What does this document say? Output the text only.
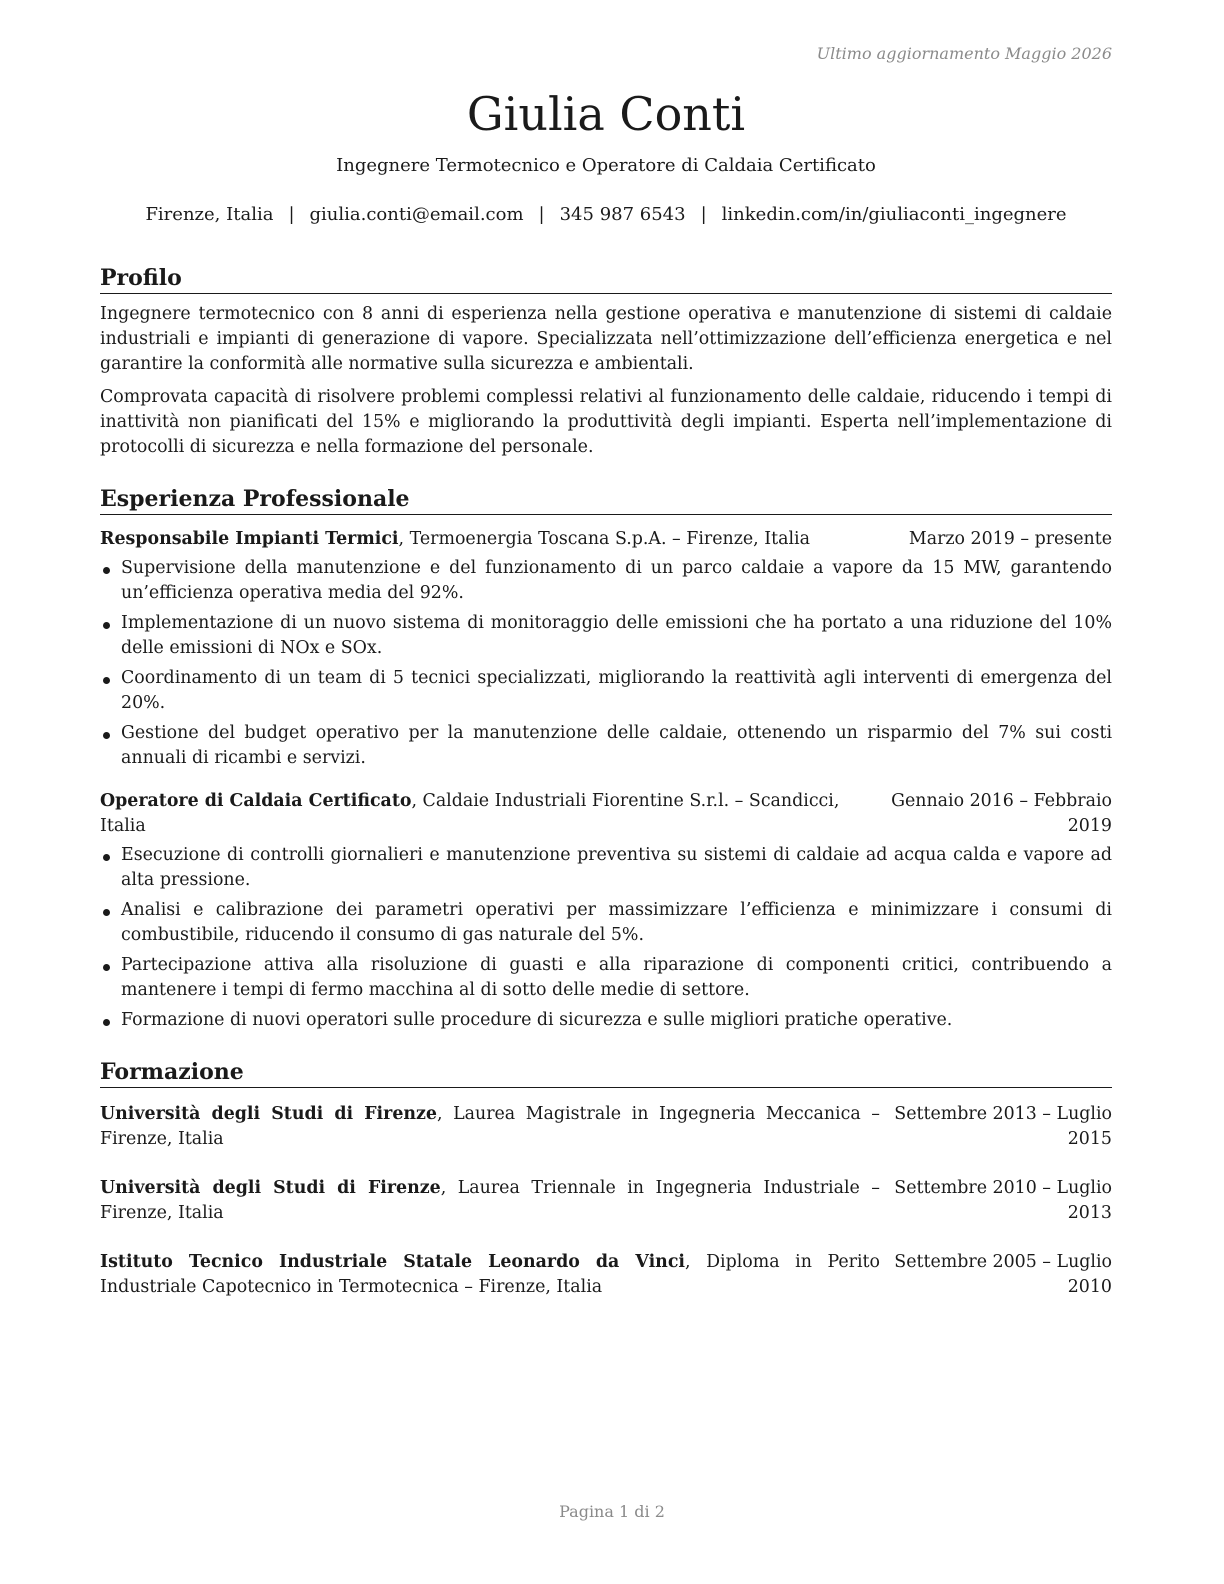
Ultimo aggiornamento Maggio 2026
Giulia Conti
Ingegnere Termotecnico e Operatore di Caldaia Certificato
Firenze, Italia | giulia.conti@email.com | 345 987 6543 | linkedin.com/in/giuliaconti_ingegnere
Profilo

Ingegnere termotecnico con 8 anni di esperienza nella gestione operativa e manutenzione di sistemi di caldaie industriali e impianti di generazione di vapore. Specializzata nell’ottimizzazione dell’efficienza energetica e nel garantire la conformità alle normative sulla sicurezza e ambientali.

Comprovata capacità di risolvere problemi complessi relativi al funzionamento delle caldaie, riducendo i tempi di inattività non pianificati del 15% e migliorando la produttività degli impianti. Esperta nell’implementazione di protocolli di sicurezza e nella formazione del personale.

Esperienza Professionale
Responsabile Impianti Termici, Termoenergia Toscana S.p.A. – Firenze, Italia	Marzo 2019 – presente
Supervisione della manutenzione e del funzionamento di un parco caldaie a vapore da 15 MW, garantendo un’efficienza operativa media del 92%.
Implementazione di un nuovo sistema di monitoraggio delle emissioni che ha portato a una riduzione del 10% delle emissioni di NOx e SOx.
Coordinamento di un team di 5 tecnici specializzati, migliorando la reattività agli interventi di emergenza del 20%.
Gestione del budget operativo per la manutenzione delle caldaie, ottenendo un risparmio del 7% sui costi annuali di ricambi e servizi.
Operatore di Caldaia Certificato, Caldaie Industriali Fiorentine S.r.l. – Scandicci, Italia
Gennaio 2016 – Febbraio 2019
Esecuzione di controlli giornalieri e manutenzione preventiva su sistemi di caldaie ad acqua calda e vapore ad alta pressione.
Analisi e calibrazione dei parametri operativi per massimizzare l’efficienza e minimizzare i consumi di combustibile, riducendo il consumo di gas naturale del 5%.
Partecipazione attiva alla risoluzione di guasti e alla riparazione di componenti critici, contribuendo a mantenere i tempi di fermo macchina al di sotto delle medie di settore.
Formazione di nuovi operatori sulle procedure di sicurezza e sulle migliori pratiche operative.
Formazione
Università degli Studi di Firenze, Laurea Magistrale in Ingegneria Meccanica – Firenze, Italia
Settembre 2013 – Luglio 2015
Università degli Studi di Firenze, Laurea Triennale in Ingegneria Industriale – Firenze, Italia
Settembre 2010 – Luglio 2013
Istituto Tecnico Industriale Statale Leonardo da Vinci, Diploma in Perito Industriale Capotecnico in Termotecnica – Firenze, Italia
Settembre 2005 – Luglio 2010
Pagina 1 di 2
